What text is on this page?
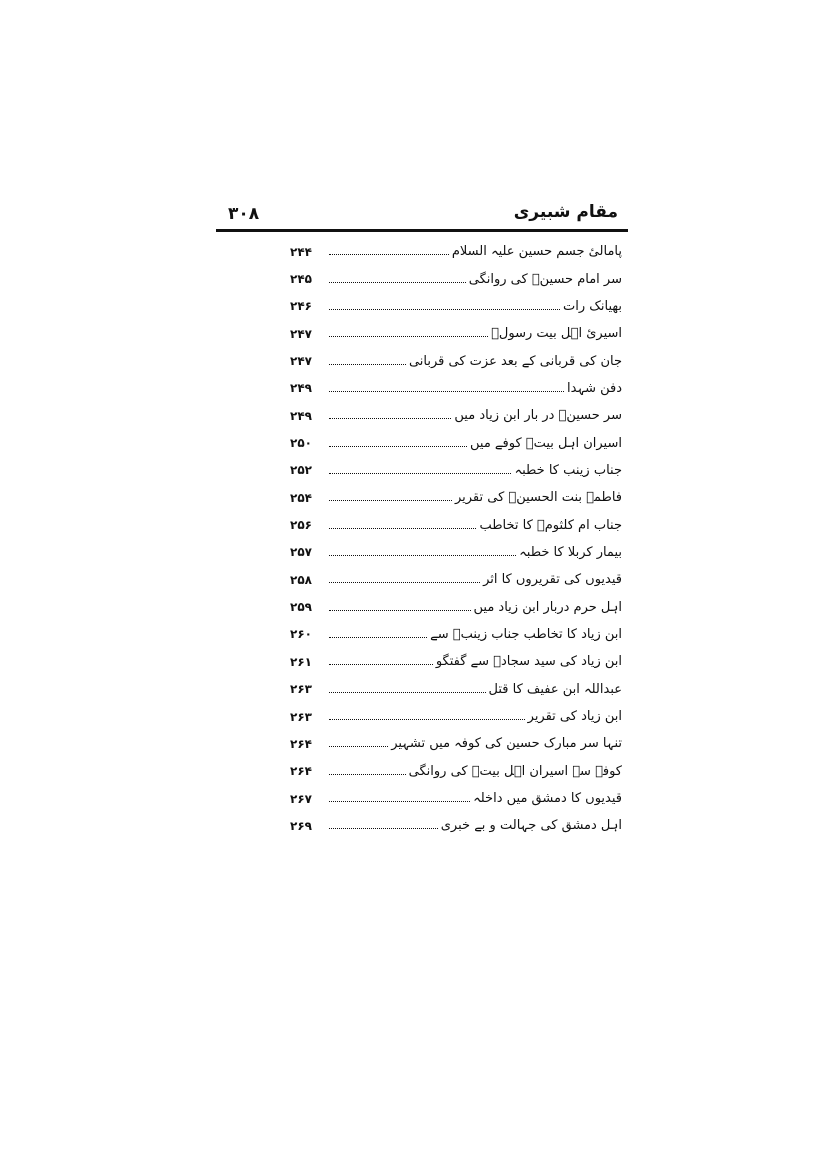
۳۰۸	مقام شبیری
۲۴۴	پامالیٔ جسم حسین علیہ السلام
۲۴۵	سر امام حسینؑ کی روانگی
۲۴۶	بھیانک رات
۲۴۷	اسیریٔ اہل بیت رسولؐ
۲۴۷	جان کی قربانی کے بعد عزت کی قربانی
۲۴۹	دفن شہدا
۲۴۹	سر حسینؑ در بار ابن زیاد میں
۲۵۰	اسیران اہل بیتؑ کوفے میں
۲۵۲	جناب زینب کا خطبہ
۲۵۴	فاطمہ بنت الحسینؑ کی تقریر
۲۵۶	جناب ام کلثومؑ کا تخاطب
۲۵۷	بیمار کربلا کا خطبہ
۲۵۸	قیدیوں کی تقریروں کا اثر
۲۵۹	اہل حرم دربار ابن زیاد میں
۲۶۰	ابن زیاد کا تخاطب جناب زینبؑ سے
۲۶۱	ابن زیاد کی سید سجادؑ سے گفتگو
۲۶۳	عبداللہ ابن عفیف کا قتل
۲۶۳	ابن زیاد کی تقریر
۲۶۴	تنہا سر مبارک حسین کی کوفہ میں تشہیر
۲۶۴	کوفہ سے اسیران اہل بیتؑ کی روانگی
۲۶۷	قیدیوں کا دمشق میں داخلہ
۲۶۹	اہل دمشق کی جہالت و بے خبری
